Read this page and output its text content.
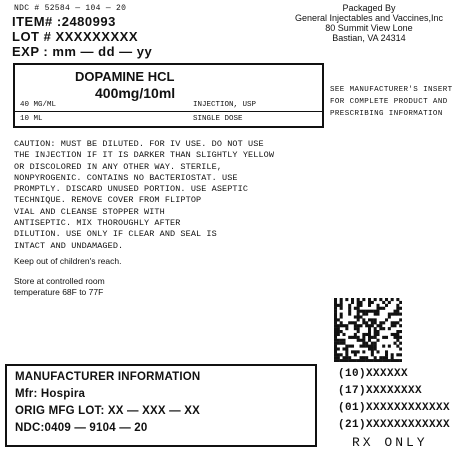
NDC # 52584 — 104 — 20
ITEM# :2480993
LOT # XXXXXXXXX
EXP : mm — dd — yy
Packaged By
General Injectables and Vaccines,Inc
80 Summit View Lone
Bastian, VA 24314
DOPAMINE HCL
400mg/10ml
40 MG/ML	INJECTION, USP
10 ML	SINGLE DOSE
SEE MANUFACTURER'S INSERT
FOR COMPLETE PRODUCT AND
PRESCRIBING INFORMATION

CAUTION: MUST BE DILUTED. FOR IV USE. DO NOT USE

THE INJECTION IF IT IS DARKER THAN SLIGHTLY YELLOW

OR DISCOLORED IN ANY OTHER WAY. STERILE,

NONPYROGENIC. CONTAINS NO BACTERIOSTAT. USE

PROMPTLY. DISCARD UNUSED PORTION. USE ASEPTIC

TECHNIQUE. REMOVE COVER FROM FLIPTOP

VIAL AND CLEANSE STOPPER WITH

ANTISEPTIC. MIX THOROUGHLY AFTER

DILUTION. USE ONLY IF CLEAR AND SEAL IS

INTACT AND UNDAMAGED.

Keep out of children's reach.
Store at controlled room
temperature 68F to 77F
MANUFACTURER INFORMATION
Mfr: Hospira
ORIG MFG LOT: XX — XXX — XX
NDC:0409 — 9104 — 20
(10)XXXXXX
(17)XXXXXXXX
(01)XXXXXXXXXXXX
(21)XXXXXXXXXXXX
RX ONLY
